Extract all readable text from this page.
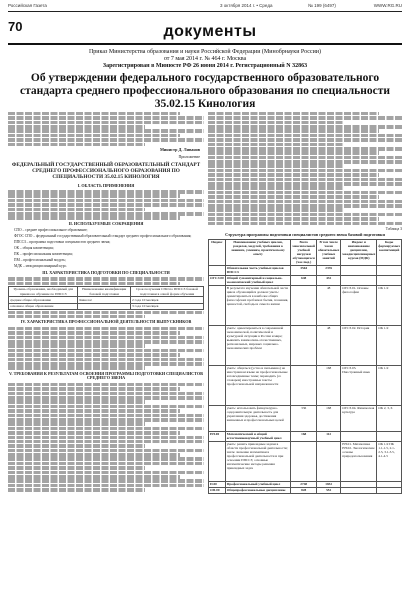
Российская Газета	3 октября 2014 г. • Среда	№ 199 (6497)	WWW.RG.RU
70	документы
Приказ Министерства образования и науки Российской Федерации (Минобрнауки России)
от 7 мая 2014 г. № 464 г. Москва
Зарегистрирован в Минюсте РФ 26 июня 2014 г. Регистрационный N 32863
Об утверждении федерального государственного образовательного стандарта среднего профессионального образования по специальности 35.02.15 Кинология
Министр Д. Ливанов
Приложение
ФЕДЕРАЛЬНЫЙ ГОСУДАРСТВЕННЫЙ ОБРАЗОВАТЕЛЬНЫЙ СТАНДАРТ СРЕДНЕГО ПРОФЕССИОНАЛЬНОГО ОБРАЗОВАНИЯ ПО СПЕЦИАЛЬНОСТИ 35.02.15 КИНОЛОГИЯ
I. ОБЛАСТЬ ПРИМЕНЕНИЯ
II. ИСПОЛЬЗУЕМЫЕ СОКРАЩЕНИЯ
СПО – среднее профессиональное образование;
ФГОС СПО – федеральный государственный образовательный стандарт среднего профессионального образования;
ППССЗ – программа подготовки специалистов среднего звена;
ОК – общая компетенция;
ПК – профессиональная компетенция;
ПМ – профессиональный модуль;
МДК – междисциплинарный курс.
III. ХАРАКТЕРИСТИКА ПОДГОТОВКИ ПО СПЕЦИАЛЬНОСТИ
Уровень образования, необходимый для приема на обучение по ППССЗ	Наименование квалификации базовой подготовки	Срок получения СПО по ППССЗ базовой подготовки в очной форме обучения
среднее общее образование	Кинолог	2 года 10 месяцев
основное общее образование		3 года 10 месяцев
IV. ХАРАКТЕРИСТИКА ПРОФЕССИОНАЛЬНОЙ ДЕЯТЕЛЬНОСТИ ВЫПУСКНИКОВ
V. ТРЕБОВАНИЯ К РЕЗУЛЬТАТАМ ОСВОЕНИЯ ПРОГРАММЫ ПОДГОТОВКИ СПЕЦИАЛИСТОВ СРЕДНЕГО ЗВЕНА
Таблица 3
Структура программы подготовки специалистов среднего звена базовой подготовки
Индекс	Наименование учебных циклов, разделов, модулей, требования к знаниям, умениям, практическому опыту	Всего максимальной учебной нагрузки обучающегося (час./нед.)	В том числе часов обязательных учебных занятий	Индекс и наименование дисциплин, междисциплинарных курсов (МДК)	Коды формируемых компетенций
	Обязательная часть учебных циклов ППССЗ	3564	2376		
ОГСЭ.00	Общий гуманитарный и социально-экономический учебный цикл	648	432		
	В результате изучения обязательной части цикла обучающийся должен: уметь: ориентироваться в наиболее общих философских проблемах бытия, познания, ценностей, свободы и смысла жизни		48	ОГСЭ.01. Основы философии	ОК 1-9
	уметь: ориентироваться в современной экономической, политической и культурной ситуации в России и мире; выявлять взаимосвязь отечественных, региональных, мировых социально-экономических проблем		48	ОГСЭ.02. История	ОК 1-9
	уметь: общаться (устно и письменно) на иностранном языке на профессиональные и повседневные темы; переводить (со словарем) иностранные тексты профессиональной направленности		168	ОГСЭ.03. Иностранный язык	ОК 1-9
	уметь: использовать физкультурно-оздоровительную деятельность для укрепления здоровья, достижения жизненных и профессиональных целей	336	168	ОГСЭ.04. Физическая культура	ОК 2, 3, 6
ЕН.00	Математический и общий естественнонаучный учебный цикл	168	112		
	уметь: решать прикладные задачи в области профессиональной деятельности; знать: значение математики в профессиональной деятельности и при освоении ППССЗ; основные математические методы решения прикладных задач			ЕН.01. Математика ЕН.02. Экологические основы природопользования	ОК 1-9 ПК 1.1-1.5, 2.1-2.5, 3.1-3.5, 4.1-4.5
П.00	Профессиональный учебный цикл	2748	1832		
ОП.00	Общепрофессиональные дисциплины	828	552		
